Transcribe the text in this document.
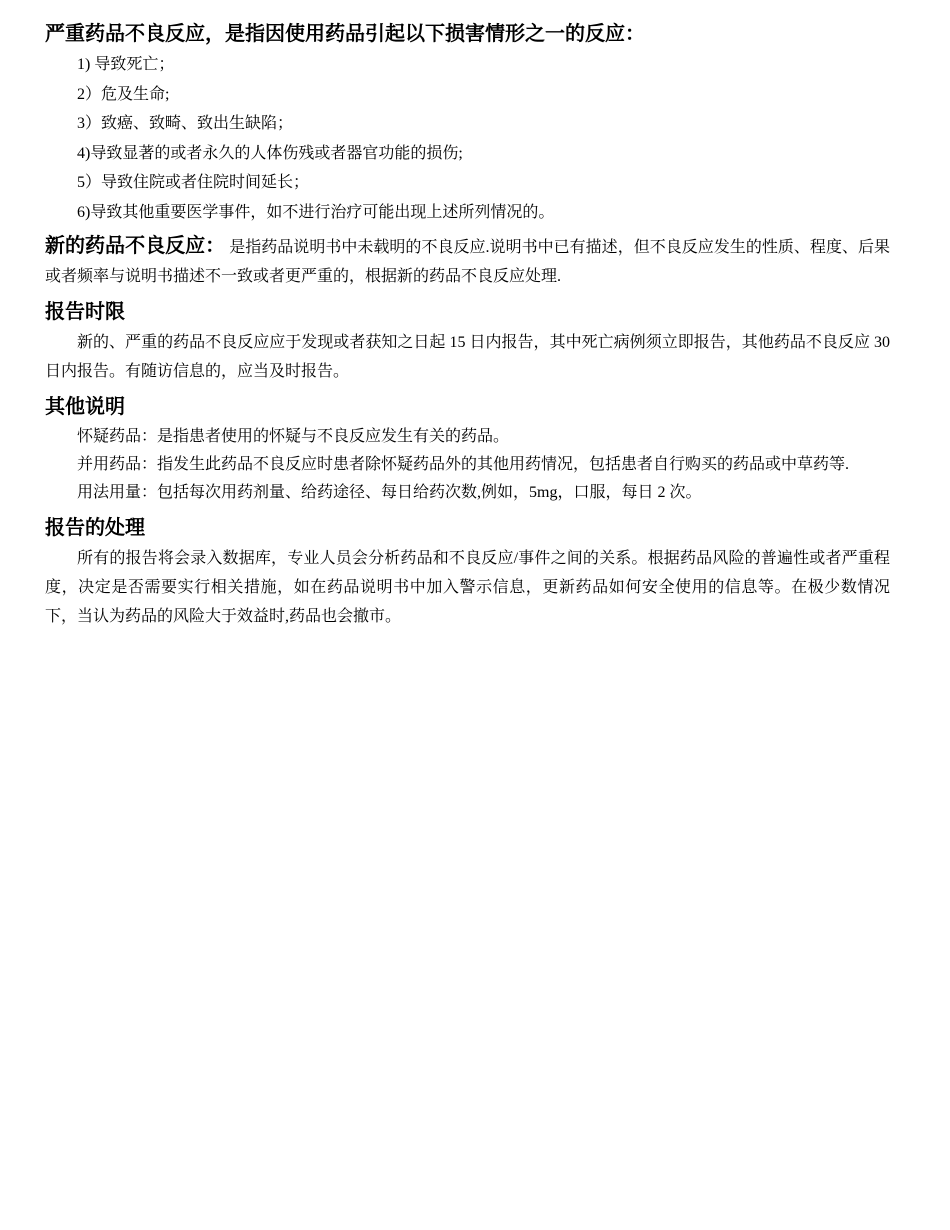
严重药品不良反应，是指因使用药品引起以下损害情形之一的反应：

1) 导致死亡；

2）危及生命;

3）致癌、致畸、致出生缺陷；

4)导致显著的或者永久的人体伤残或者器官功能的损伤;

5）导致住院或者住院时间延长；

6)导致其他重要医学事件，如不进行治疗可能出现上述所列情况的。

新的药品不良反应： 是指药品说明书中未载明的不良反应.说明书中已有描述，但不良反应发生的性质、程度、后果或者频率与说明书描述不一致或者更严重的，根据新的药品不良反应处理.

报告时限

新的、严重的药品不良反应应于发现或者获知之日起 15 日内报告，其中死亡病例须立即报告，其他药品不良反应 30 日内报告。有随访信息的，应当及时报告。

其他说明

怀疑药品：是指患者使用的怀疑与不良反应发生有关的药品。

并用药品：指发生此药品不良反应时患者除怀疑药品外的其他用药情况，包括患者自行购买的药品或中草药等.

用法用量：包括每次用药剂量、给药途径、每日给药次数,例如，5mg，口服，每日 2 次。

报告的处理

所有的报告将会录入数据库，专业人员会分析药品和不良反应/事件之间的关系。根据药品风险的普遍性或者严重程度，决定是否需要实行相关措施，如在药品说明书中加入警示信息，更新药品如何安全使用的信息等。在极少数情况下，当认为药品的风险大于效益时,药品也会撤市。
